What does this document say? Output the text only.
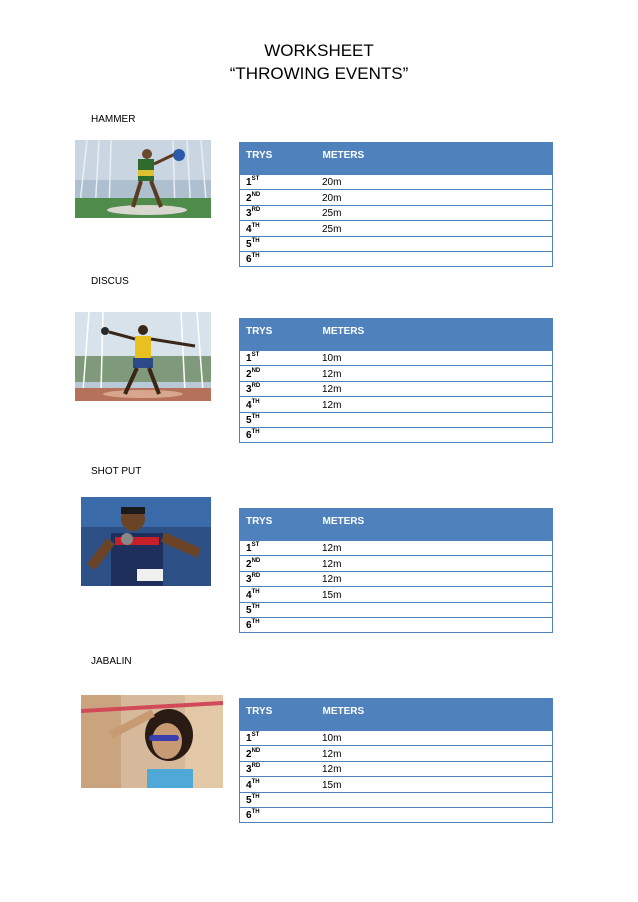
WORKSHEET
“THROWING EVENTS”
HAMMER
TRYS	METERS
1ST	20m
2ND	20m
3RD	25m
4TH	25m
5TH	
6TH	
DISCUS
TRYS	METERS
1ST	10m
2ND	12m
3RD	12m
4TH	12m
5TH	
6TH	
SHOT PUT
TRYS	METERS
1ST	12m
2ND	12m
3RD	12m
4TH	15m
5TH	
6TH	
JABALIN
TRYS	METERS
1ST	10m
2ND	12m
3RD	12m
4TH	15m
5TH	
6TH	
